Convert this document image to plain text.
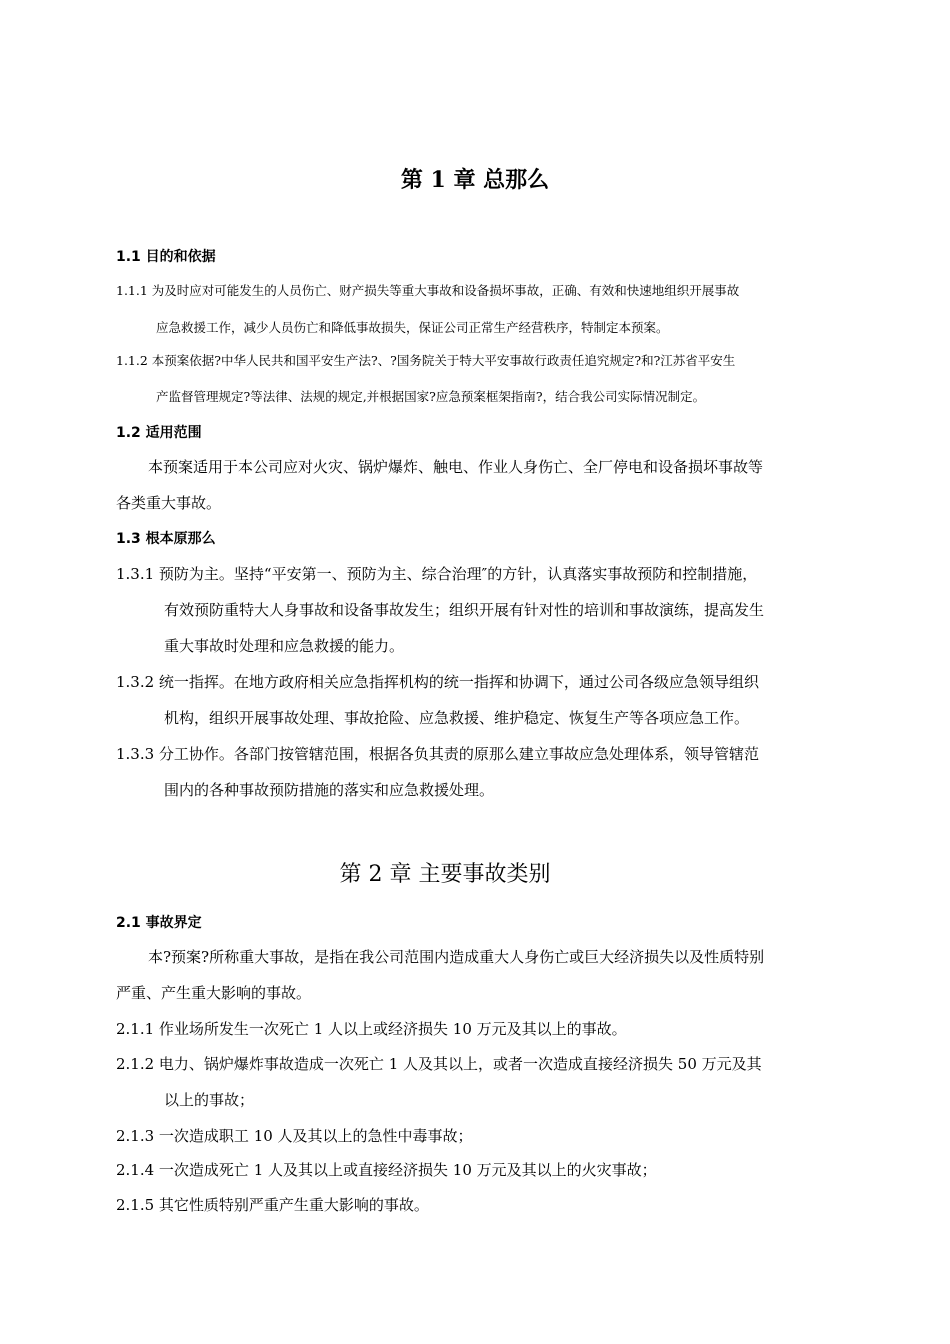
第 1 章 总那么
1.1 目的和依据
1.1.1 为及时应对可能发生的人员伤亡、财产损失等重大事故和设备损坏事故，正确、有效和快速地组织开展事故
应急救援工作，减少人员伤亡和降低事故损失，保证公司正常生产经营秩序，特制定本预案。
1.1.2 本预案依据?中华人民共和国平安生产法?、?国务院关于特大平安事故行政责任追究规定?和?江苏省平安生
产监督管理规定?等法律、法规的规定,并根据国家?应急预案框架指南?，结合我公司实际情况制定。
1.2 适用范围
本预案适用于本公司应对火灾、锅炉爆炸、触电、作业人身伤亡、全厂停电和设备损坏事故等
各类重大事故。
1.3 根本原那么
1.3.1 预防为主。坚持“平安第一、预防为主、综合治理″的方针，认真落实事故预防和控制措施，
有效预防重特大人身事故和设备事故发生；组织开展有针对性的培训和事故演练，提高发生
重大事故时处理和应急救援的能力。
1.3.2 统一指挥。在地方政府相关应急指挥机构的统一指挥和协调下，通过公司各级应急领导组织
机构，组织开展事故处理、事故抢险、应急救援、维护稳定、恢复生产等各项应急工作。
1.3.3 分工协作。各部门按管辖范围，根据各负其责的原那么建立事故应急处理体系，领导管辖范
围内的各种事故预防措施的落实和应急救援处理。
第 2 章 主要事故类别
2.1 事故界定
本?预案?所称重大事故，是指在我公司范围内造成重大人身伤亡或巨大经济损失以及性质特别
严重、产生重大影响的事故。
2.1.1 作业场所发生一次死亡 1 人以上或经济损失 10 万元及其以上的事故。
2.1.2 电力、锅炉爆炸事故造成一次死亡 1 人及其以上，或者一次造成直接经济损失 50 万元及其
以上的事故；
2.1.3 一次造成职工 10 人及其以上的急性中毒事故；
2.1.4 一次造成死亡 1 人及其以上或直接经济损失 10 万元及其以上的火灾事故；
2.1.5 其它性质特别严重产生重大影响的事故。
